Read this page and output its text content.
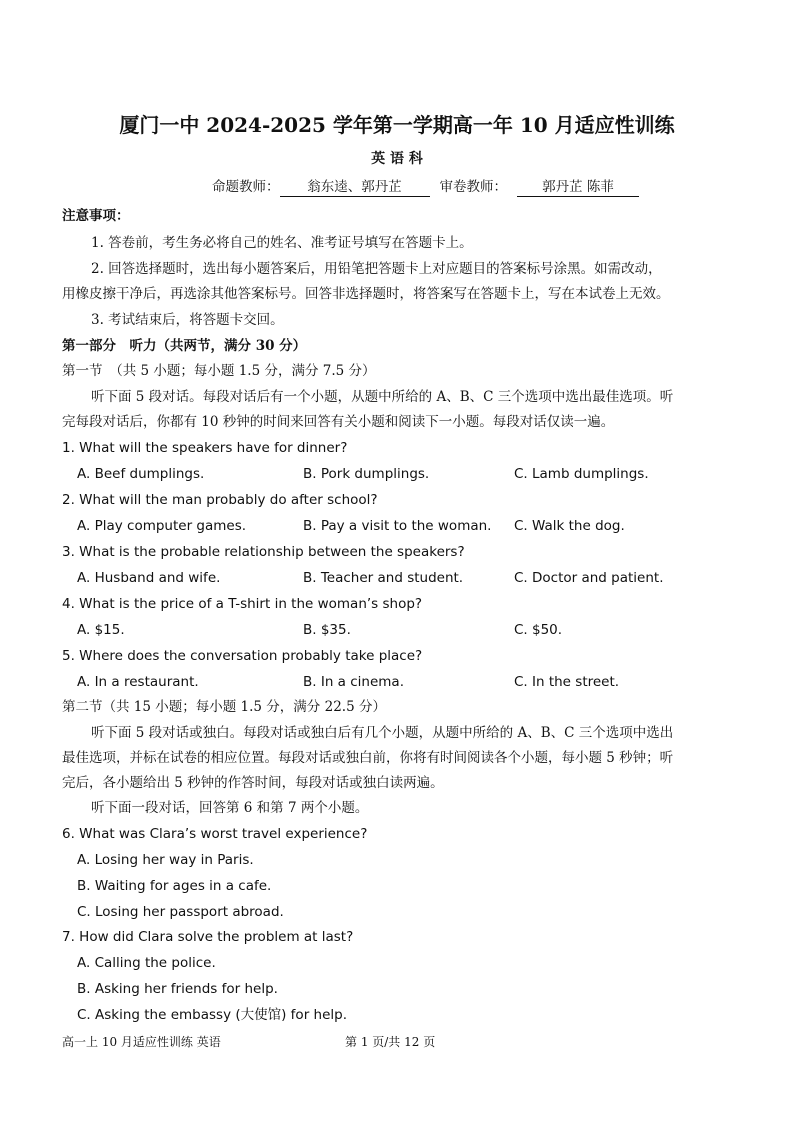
厦门一中 2024-2025 学年第一学期高一年 10 月适应性训练
英 语 科
命题教师： 翁东逵、郭丹芷	审卷教师：	郭丹芷 陈菲
注意事项：
1. 答卷前，考生务必将自己的姓名、准考证号填写在答题卡上。
2. 回答选择题时，选出每小题答案后，用铅笔把答题卡上对应题目的答案标号涂黑。如需改动，
用橡皮擦干净后，再选涂其他答案标号。回答非选择题时，将答案写在答题卡上，写在本试卷上无效。
3. 考试结束后，将答题卡交回。
第一部分　听力（共两节，满分 30 分）
第一节　（共 5 小题；每小题 1.5 分，满分 7.5 分）
听下面 5 段对话。每段对话后有一个小题，从题中所给的 A、B、C 三个选项中选出最佳选项。听
完每段对话后，你都有 10 秒钟的时间来回答有关小题和阅读下一小题。每段对话仅读一遍。
1. What will the speakers have for dinner?
A. Beef dumplings.	B. Pork dumplings.	C. Lamb dumplings.
2. What will the man probably do after school?
A. Play computer games.	B. Pay a visit to the woman. C. Walk the dog.
3. What is the probable relationship between the speakers?
A. Husband and wife.	B. Teacher and student.	C. Doctor and patient.
4. What is the price of a T-shirt in the woman’s shop?
A. $15.	B. $35.	C. $50.
5. Where does the conversation probably take place?
A. In a restaurant.	B. In a cinema.	C. In the street.
第二节（共 15 小题；每小题 1.5 分，满分 22.5 分）
听下面 5 段对话或独白。每段对话或独白后有几个小题，从题中所给的 A、B、C 三个选项中选出
最佳选项，并标在试卷的相应位置。每段对话或独白前，你将有时间阅读各个小题，每小题 5 秒钟；听
完后，各小题给出 5 秒钟的作答时间，每段对话或独白读两遍。
听下面一段对话，回答第 6 和第 7 两个小题。
6. What was Clara’s worst travel experience?
A. Losing her way in Paris.
B. Waiting for ages in a cafe.
C. Losing her passport abroad.
7. How did Clara solve the problem at last?
A. Calling the police.
B. Asking her friends for help.
C. Asking the embassy (大使馆) for help.
高一上 10 月适应性训练 英语	第 1 页/共 12 页
